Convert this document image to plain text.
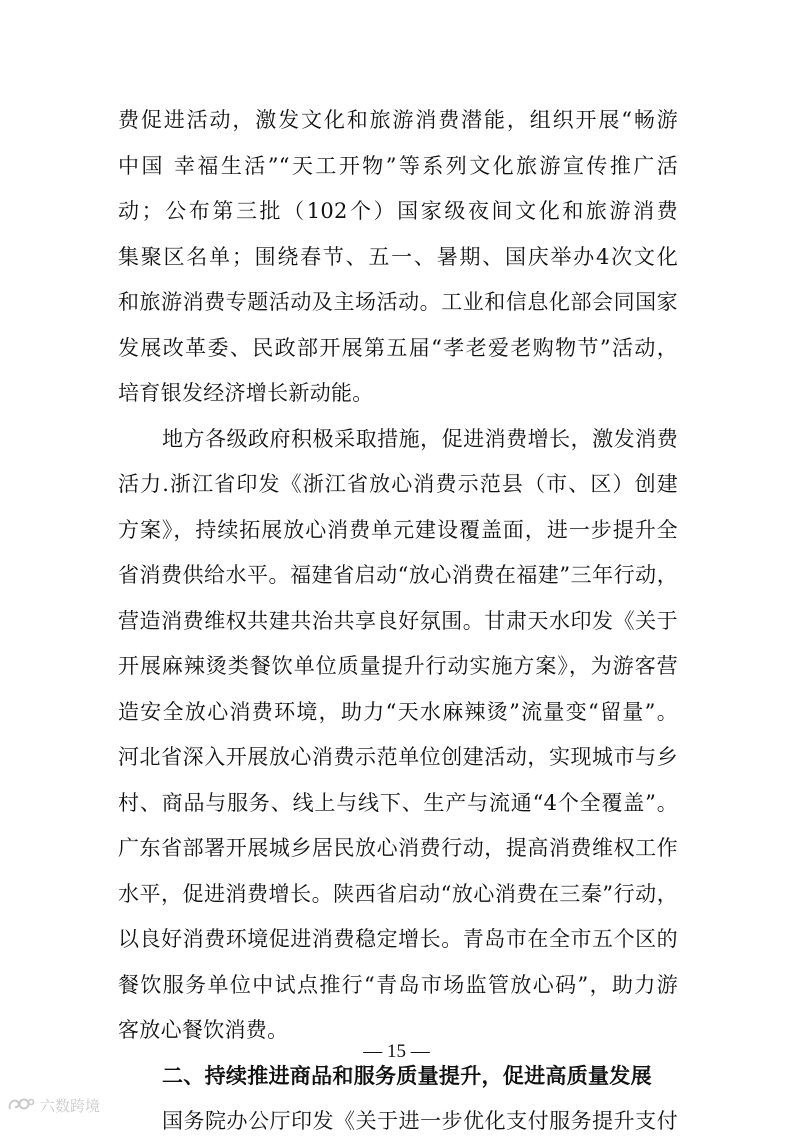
费促进活动，激发文化和旅游消费潜能，组织开展“畅游
中国 幸福生活”“天工开物”等系列文化旅游宣传推广活
动；公布第三批（102个）国家级夜间文化和旅游消费
集聚区名单；围绕春节、五一、暑期、国庆举办4次文化
和旅游消费专题活动及主场活动。工业和信息化部会同国家
发展改革委、民政部开展第五届“孝老爱老购物节”活动，
培育银发经济增长新动能。
地方各级政府积极采取措施，促进消费增长，激发消费
活力.浙江省印发《浙江省放心消费示范县（市、区）创建
方案》，持续拓展放心消费单元建设覆盖面，进一步提升全
省消费供给水平。福建省启动“放心消费在福建”三年行动，
营造消费维权共建共治共享良好氛围。甘肃天水印发《关于
开展麻辣烫类餐饮单位质量提升行动实施方案》，为游客营
造安全放心消费环境，助力“天水麻辣烫”流量变“留量”。
河北省深入开展放心消费示范单位创建活动，实现城市与乡
村、商品与服务、线上与线下、生产与流通“4个全覆盖”。
广东省部署开展城乡居民放心消费行动，提高消费维权工作
水平，促进消费增长。陕西省启动“放心消费在三秦”行动，
以良好消费环境促进消费稳定增长。青岛市在全市五个区的
餐饮服务单位中试点推行“青岛市场监管放心码”，助力游
客放心餐饮消费。
二、持续推进商品和服务质量提升，促进高质量发展
国务院办公厅印发《关于进一步优化支付服务提升支付
— 15 —
六数跨境
